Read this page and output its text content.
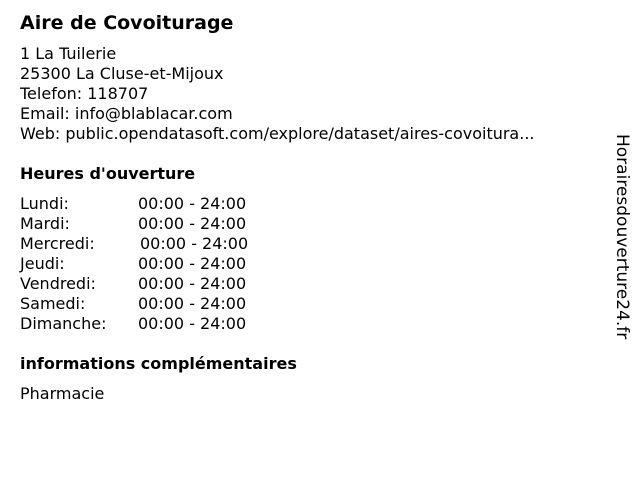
Aire de Covoiturage
1 La Tuilerie
25300 La Cluse-et-Mijoux
Telefon: 118707
Email: info@blablacar.com
Web: public.opendatasoft.com/explore/dataset/aires-covoitura...
Heures d'ouverture
Lundi:	00:00 - 24:00
Mardi:	00:00 - 24:00
Mercredi:	00:00 - 24:00
Jeudi:	00:00 - 24:00
Vendredi:	00:00 - 24:00
Samedi:	00:00 - 24:00
Dimanche: 00:00 - 24:00
informations complémentaires
Pharmacie
Horairesdouverture24.fr
